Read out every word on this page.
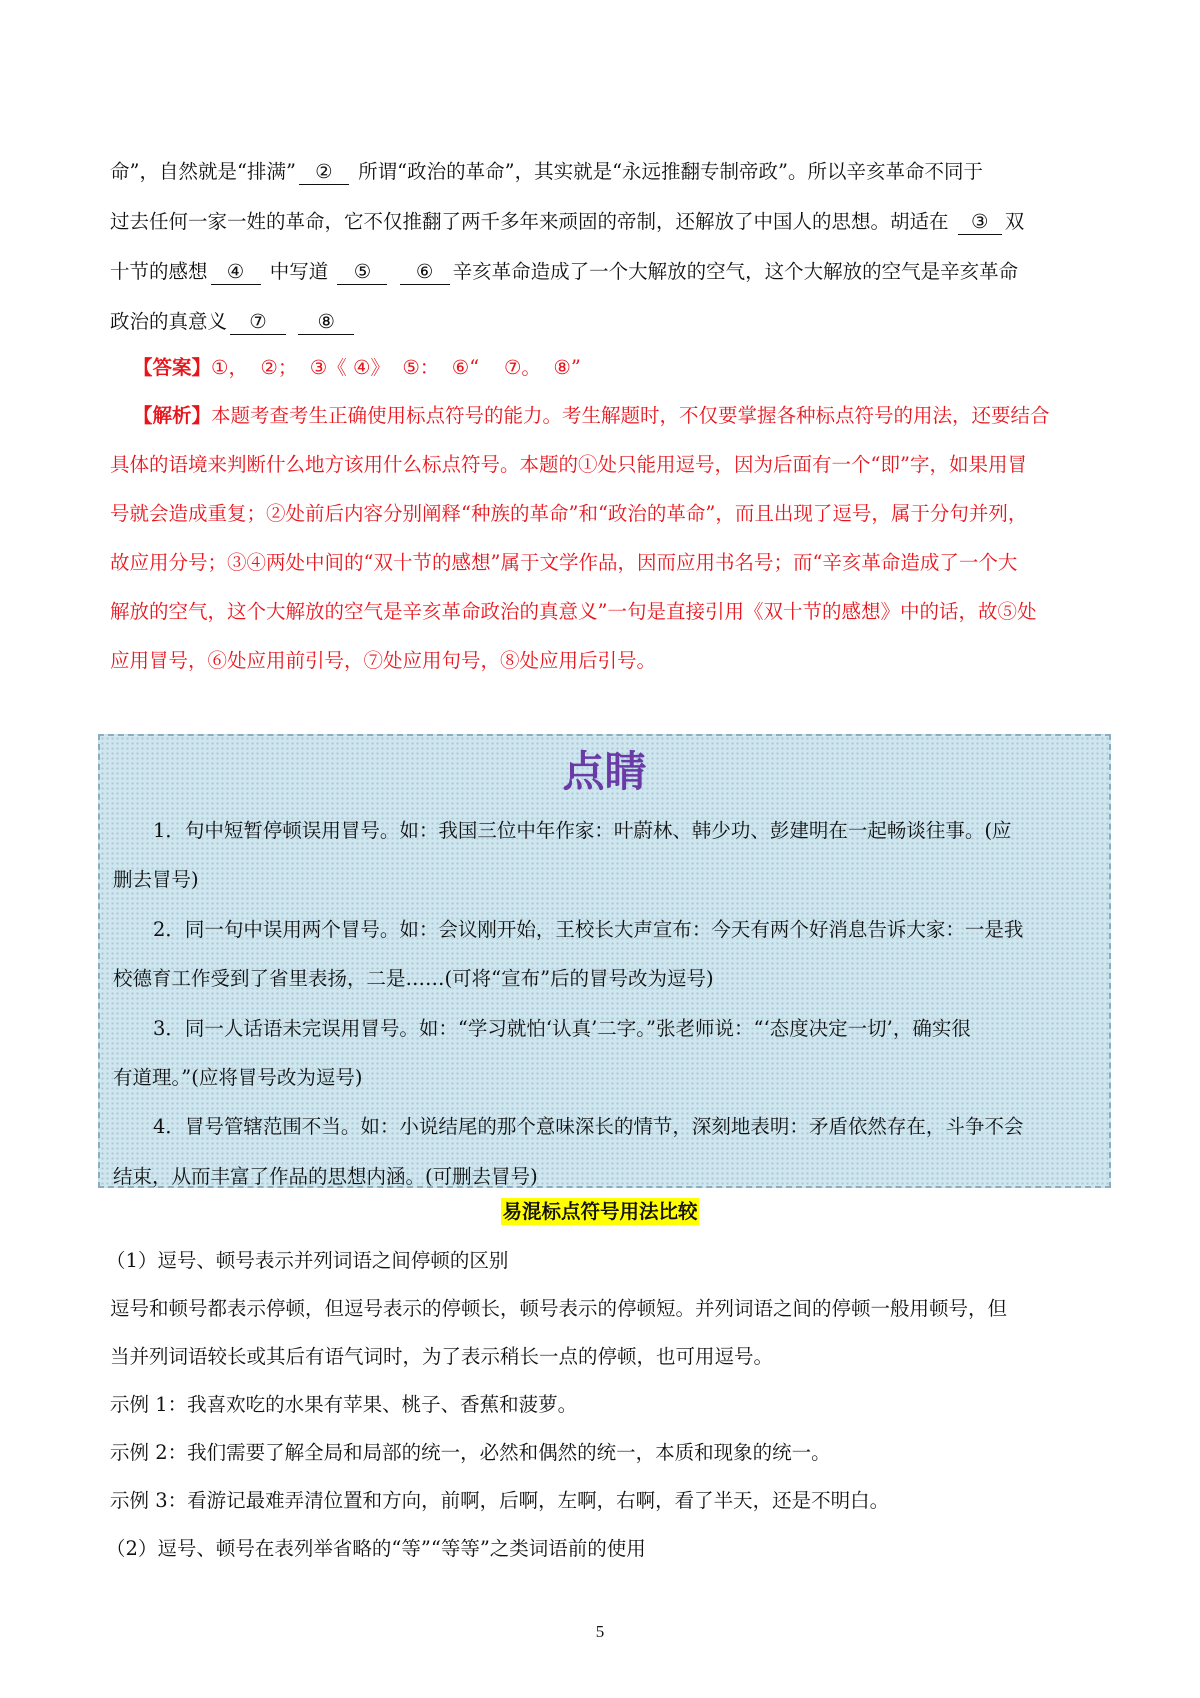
命”，自然就是“排满” ② 所谓“政治的革命”，其实就是“永远推翻专制帝政”。所以辛亥革命不同于
过去任何一家一姓的革命，它不仅推翻了两千多年来顽固的帝制，还解放了中国人的思想。胡适在 ③ 双
十节的感想 ④ 中写道 ⑤ ⑥ 辛亥革命造成了一个大解放的空气，这个大解放的空气是辛亥革命
政治的真意义 ⑦	⑧
【答案】①，  ②；  ③《 ④》  ⑤：  ⑥“    ⑦。  ⑧”
【解析】本题考查考生正确使用标点符号的能力。考生解题时，不仅要掌握各种标点符号的用法，还要结合
具体的语境来判断什么地方该用什么标点符号。本题的①处只能用逗号，因为后面有一个“即”字，如果用冒
号就会造成重复；②处前后内容分别阐释“种族的革命”和“政治的革命”，而且出现了逗号，属于分句并列，
故应用分号；③④两处中间的“双十节的感想”属于文学作品，因而应用书名号；而“辛亥革命造成了一个大
解放的空气，这个大解放的空气是辛亥革命政治的真意义”一句是直接引用《双十节的感想》中的话，故⑤处
应用冒号，⑥处应用前引号，⑦处应用句号，⑧处应用后引号。
点睛
1．句中短暂停顿误用冒号。如：我国三位中年作家：叶蔚林、韩少功、彭建明在一起畅谈往事。(应
删去冒号)
2．同一句中误用两个冒号。如：会议刚开始，王校长大声宣布：今天有两个好消息告诉大家：一是我
校德育工作受到了省里表扬，二是……(可将“宣布”后的冒号改为逗号)
3．同一人话语未完误用冒号。如：“学习就怕‘认真’二字。”张老师说：“‘态度决定一切’，确实很
有道理。”(应将冒号改为逗号)
4．冒号管辖范围不当。如：小说结尾的那个意味深长的情节，深刻地表明：矛盾依然存在，斗争不会
结束，从而丰富了作品的思想内涵。(可删去冒号)
易混标点符号用法比较
（1）逗号、顿号表示并列词语之间停顿的区别
逗号和顿号都表示停顿，但逗号表示的停顿长，顿号表示的停顿短。并列词语之间的停顿一般用顿号，但
当并列词语较长或其后有语气词时，为了表示稍长一点的停顿，也可用逗号。
示例 1：我喜欢吃的水果有苹果、桃子、香蕉和菠萝。
示例 2：我们需要了解全局和局部的统一，必然和偶然的统一，本质和现象的统一。
示例 3：看游记最难弄清位置和方向，前啊，后啊，左啊，右啊，看了半天，还是不明白。
（2）逗号、顿号在表列举省略的“等”“等等”之类词语前的使用
5
